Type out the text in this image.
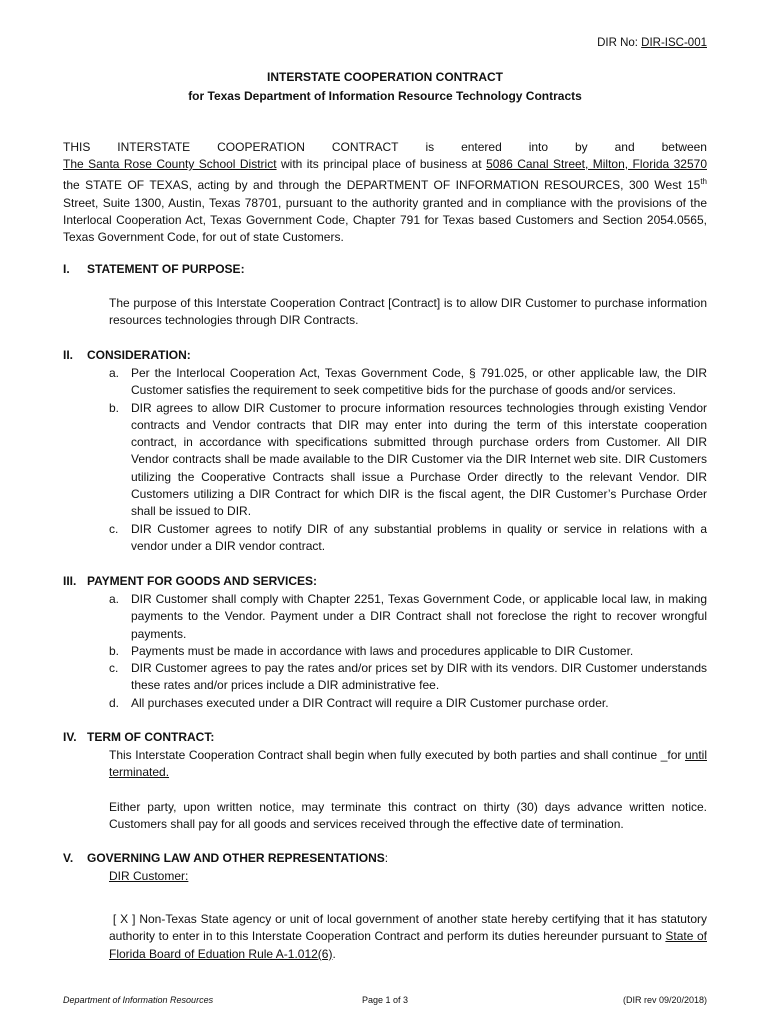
DIR No: DIR-ISC-001
INTERSTATE COOPERATION CONTRACT
for Texas Department of Information Resource Technology Contracts
THIS INTERSTATE COOPERATION CONTRACT is entered into by and between
The Santa Rose County School District with its principal place of business at 5086 Canal Street, Milton, Florida 32570 the STATE OF TEXAS, acting by and through the DEPARTMENT OF INFORMATION RESOURCES, 300 West 15th Street, Suite 1300, Austin, Texas 78701, pursuant to the authority granted and in compliance with the provisions of the Interlocal Cooperation Act, Texas Government Code, Chapter 791 for Texas based Customers and Section 2054.0565, Texas Government Code, for out of state Customers.
I. STATEMENT OF PURPOSE:
The purpose of this Interstate Cooperation Contract [Contract] is to allow DIR Customer to purchase information resources technologies through DIR Contracts.
II. CONSIDERATION:
a. Per the Interlocal Cooperation Act, Texas Government Code, § 791.025, or other applicable law, the DIR Customer satisfies the requirement to seek competitive bids for the purchase of goods and/or services.
b. DIR agrees to allow DIR Customer to procure information resources technologies through existing Vendor contracts and Vendor contracts that DIR may enter into during the term of this interstate cooperation contract, in accordance with specifications submitted through purchase orders from Customer. All DIR Vendor contracts shall be made available to the DIR Customer via the DIR Internet web site. DIR Customers utilizing the Cooperative Contracts shall issue a Purchase Order directly to the relevant Vendor. DIR Customers utilizing a DIR Contract for which DIR is the fiscal agent, the DIR Customer’s Purchase Order shall be issued to DIR.
c. DIR Customer agrees to notify DIR of any substantial problems in quality or service in relations with a vendor under a DIR vendor contract.
III. PAYMENT FOR GOODS AND SERVICES:
a. DIR Customer shall comply with Chapter 2251, Texas Government Code, or applicable local law, in making payments to the Vendor. Payment under a DIR Contract shall not foreclose the right to recover wrongful payments.
b. Payments must be made in accordance with laws and procedures applicable to DIR Customer.
c. DIR Customer agrees to pay the rates and/or prices set by DIR with its vendors. DIR Customer understands these rates and/or prices include a DIR administrative fee.
d. All purchases executed under a DIR Contract will require a DIR Customer purchase order.
IV. TERM OF CONTRACT:
This Interstate Cooperation Contract shall begin when fully executed by both parties and shall continue _for until terminated.
Either party, upon written notice, may terminate this contract on thirty (30) days advance written notice. Customers shall pay for all goods and services received through the effective date of termination.
V. GOVERNING LAW AND OTHER REPRESENTATIONS:
DIR Customer:
[ X ] Non-Texas State agency or unit of local government of another state hereby certifying that it has statutory authority to enter in to this Interstate Cooperation Contract and perform its duties hereunder pursuant to State of Florida Board of Eduation Rule A-1.012(6).
Department of Information Resources	Page 1 of 3	(DIR rev 09/20/2018)
